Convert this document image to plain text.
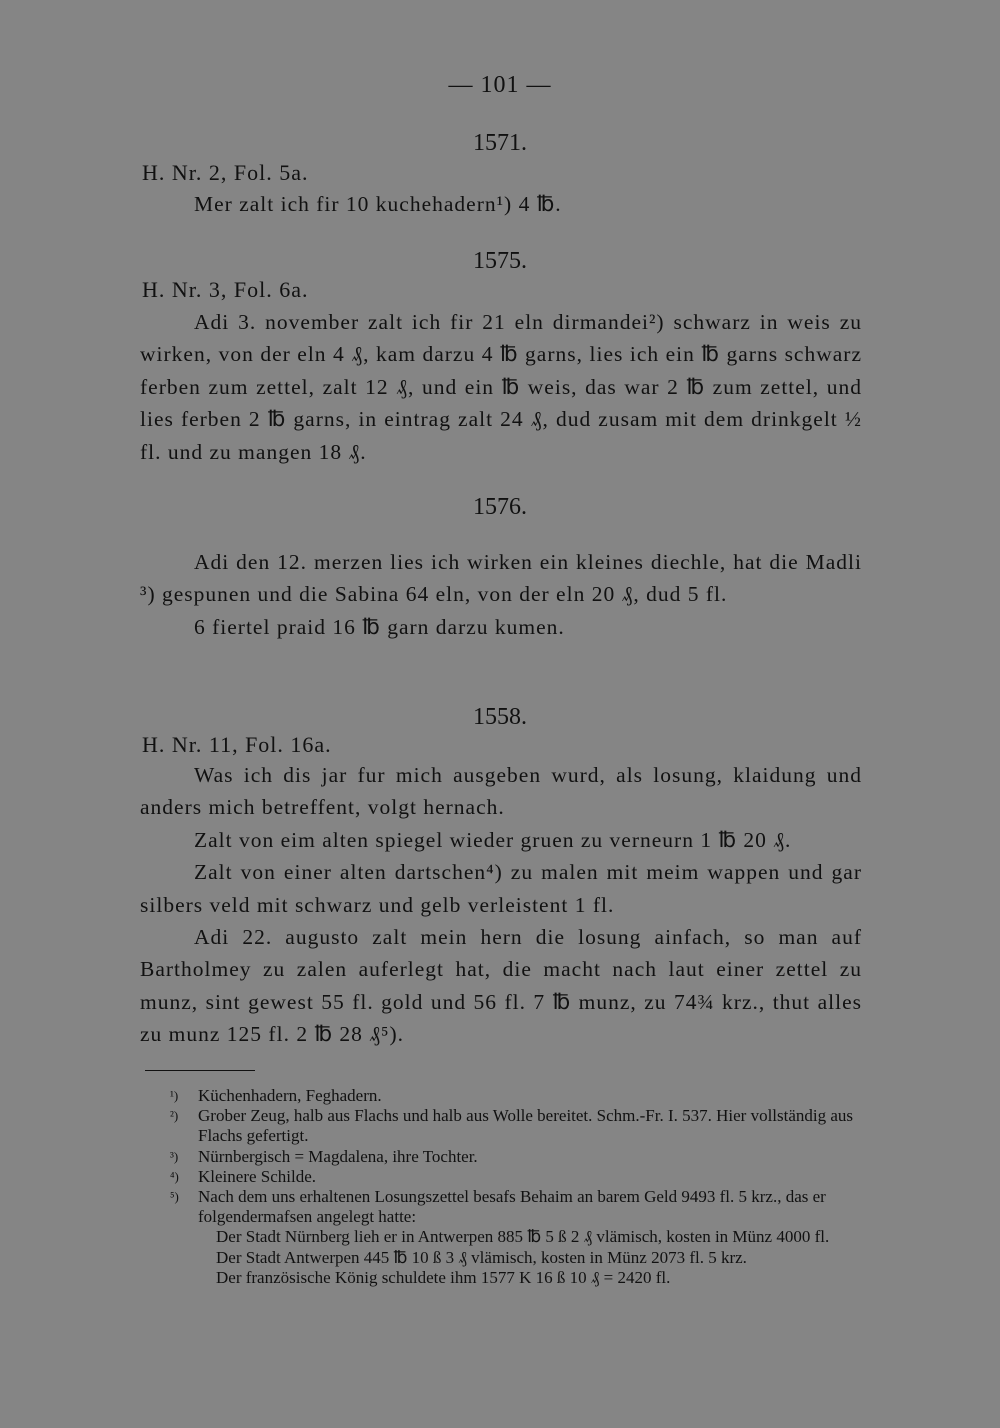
— 101 —
1571.
H. Nr. 2, Fol. 5a.

Mer zalt ich fir 10 kuchehadern¹) 4 ℔.

1575.
H. Nr. 3, Fol. 6a.

Adi 3. november zalt ich fir 21 eln dirmandei²) schwarz in weis zu wirken, von der eln 4 ₰, kam darzu 4 ℔ garns, lies ich ein ℔ garns schwarz ferben zum zettel, zalt 12 ₰, und ein ℔ weis, das war 2 ℔ zum zettel, und lies ferben 2 ℔ garns, in eintrag zalt 24 ₰, dud zusam mit dem drinkgelt ½ fl. und zu mangen 18 ₰.

1576.

Adi den 12. merzen lies ich wirken ein kleines diechle, hat die Madli ³) gespunen und die Sabina 64 eln, von der eln 20 ₰, dud 5 fl.

6 fiertel praid 16 ℔ garn darzu kumen.

1558.
H. Nr. 11, Fol. 16a.

Was ich dis jar fur mich ausgeben wurd, als losung, klaidung und anders mich betreffent, volgt hernach.

Zalt von eim alten spiegel wieder gruen zu verneurn 1 ℔ 20 ₰.

Zalt von einer alten dartschen⁴) zu malen mit meim wappen und gar silbers veld mit schwarz und gelb verleistent 1 fl.

Adi 22. augusto zalt mein hern die losung ainfach, so man auf Bartholmey zu zalen auferlegt hat, die macht nach laut einer zettel zu munz, sint gewest 55 fl. gold und 56 fl. 7 ℔ munz, zu 74¾ krz., thut alles zu munz 125 fl. 2 ℔ 28 ₰⁵).

¹)	Küchenhadern, Feghadern.
²)	Grober Zeug, halb aus Flachs und halb aus Wolle bereitet. Schm.-Fr. I. 537. Hier vollständig aus Flachs gefertigt.
³)	Nürnbergisch = Magdalena, ihre Tochter.
⁴)	Kleinere Schilde.
⁵)	Nach dem uns erhaltenen Losungszettel besafs Behaim an barem Geld 9493 fl. 5 krz., das er folgendermafsen angelegt hatte:
Der Stadt Nürnberg lieh er in Antwerpen 885 ℔ 5 ß 2 ₰ vlämisch, kosten in Münz 4000 fl.
Der Stadt Antwerpen 445 ℔ 10 ß 3 ₰ vlämisch, kosten in Münz 2073 fl. 5 krz.
Der französische König schuldete ihm 1577 K 16 ß 10 ₰ = 2420 fl.
